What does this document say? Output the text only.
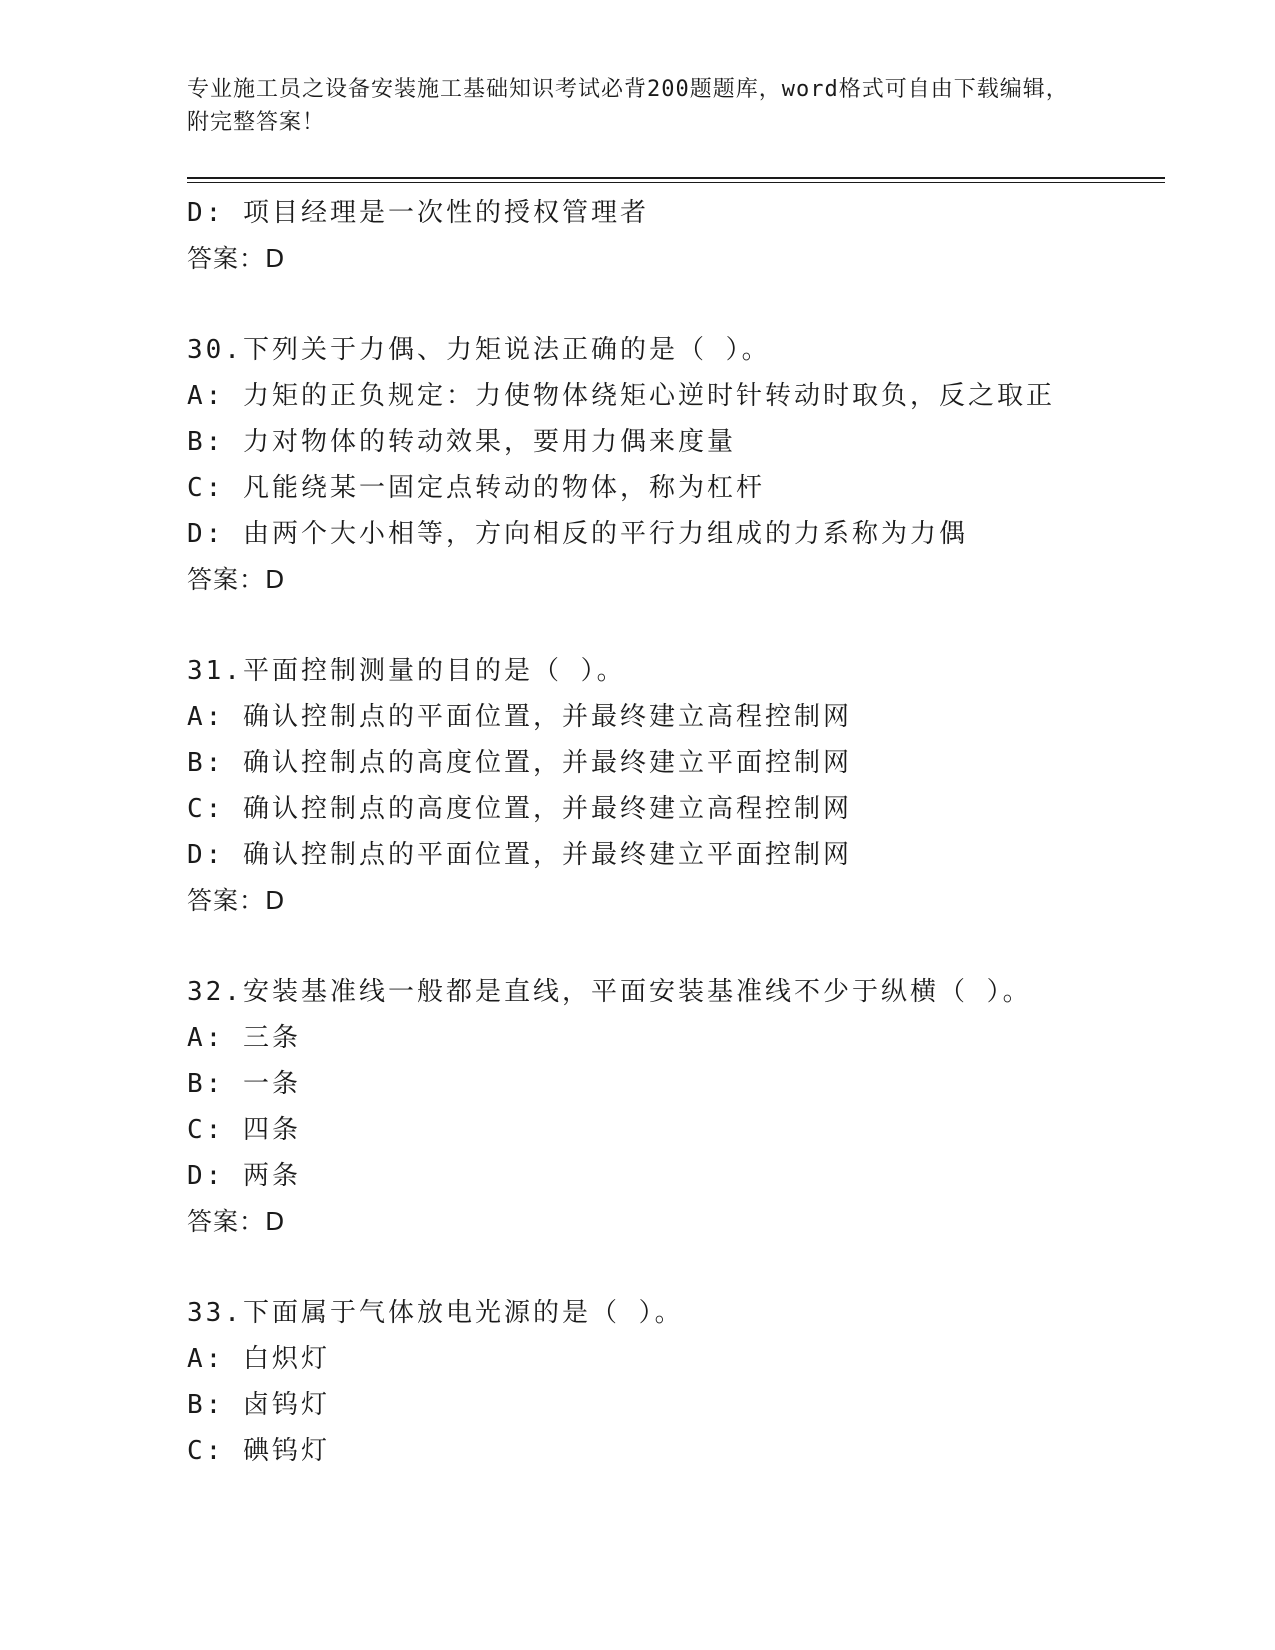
专业施工员之设备安装施工基础知识考试必背200题题库，word格式可自由下载编辑，附完整答案！
D: 项目经理是一次性的授权管理者
答案：D
30.下列关于力偶、力矩说法正确的是（ ）。
A: 力矩的正负规定：力使物体绕矩心逆时针转动时取负，反之取正
B: 力对物体的转动效果，要用力偶来度量
C: 凡能绕某一固定点转动的物体，称为杠杆
D: 由两个大小相等，方向相反的平行力组成的力系称为力偶
答案：D
31.平面控制测量的目的是（ ）。
A: 确认控制点的平面位置，并最终建立高程控制网
B: 确认控制点的高度位置，并最终建立平面控制网
C: 确认控制点的高度位置，并最终建立高程控制网
D: 确认控制点的平面位置，并最终建立平面控制网
答案：D
32.安装基准线一般都是直线，平面安装基准线不少于纵横（ ）。
A: 三条
B: 一条
C: 四条
D: 两条
答案：D
33.下面属于气体放电光源的是（ ）。
A: 白炽灯
B: 卤钨灯
C: 碘钨灯
